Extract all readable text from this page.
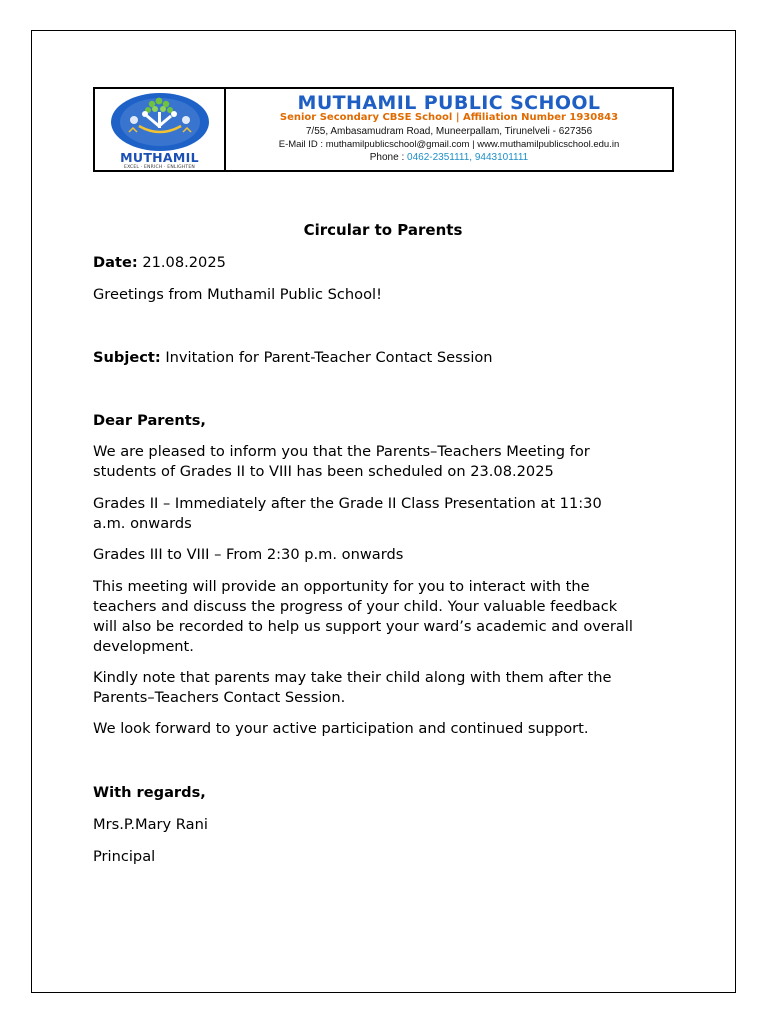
MUTHAMIL
EXCEL · ENRICH · ENLIGHTEN
MUTHAMIL PUBLIC SCHOOL
Senior Secondary CBSE School | Affiliation Number 1930843
7/55, Ambasamudram Road, Muneerpallam, Tirunelveli - 627356
E-Mail ID : muthamilpublicschool@gmail.com | www.muthamilpublicschool.edu.in
Phone : 0462-2351111, 9443101111

Circular to Parents

Date: 21.08.2025

Greetings from Muthamil Public School!

Subject: Invitation for Parent-Teacher Contact Session

Dear Parents,

We are pleased to inform you that the Parents–Teachers Meeting for

students of Grades II to VIII has been scheduled on 23.08.2025

Grades II – Immediately after the Grade II Class Presentation at 11:30

a.m. onwards

Grades III to VIII – From 2:30 p.m. onwards

This meeting will provide an opportunity for you to interact with the

teachers and discuss the progress of your child. Your valuable feedback

will also be recorded to help us support your ward’s academic and overall

development.

Kindly note that parents may take their child along with them after the

Parents–Teachers Contact Session.

We look forward to your active participation and continued support.

With regards,

Mrs.P.Mary Rani

Principal
